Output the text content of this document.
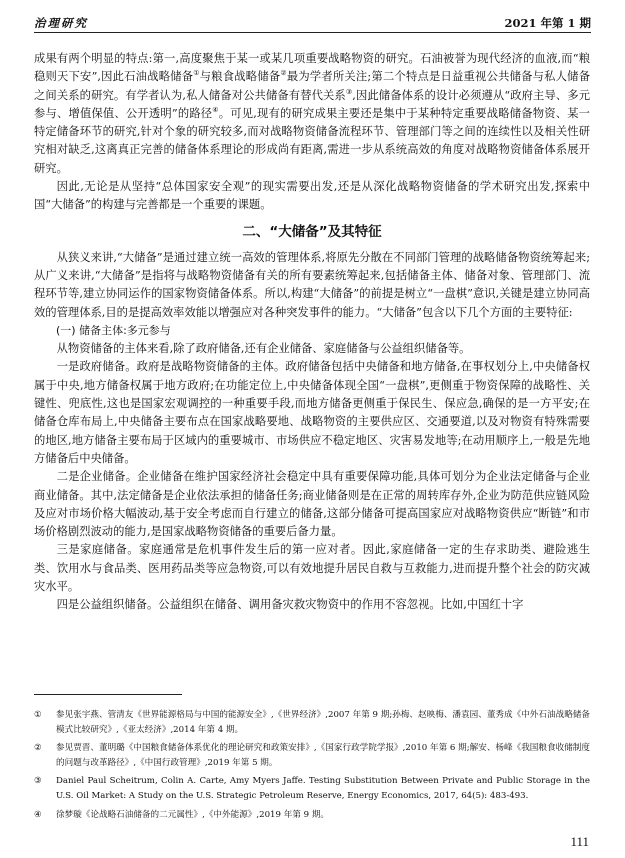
治理研究	2021 年第 1 期

成果有两个明显的特点:第一,高度聚焦于某一或某几项重要战略物资的研究。石油被誉为现代经济的血液,而“粮稳则天下安”,因此石油战略储备①与粮食战略储备②最为学者所关注;第二个特点是日益重视公共储备与私人储备之间关系的研究。有学者认为,私人储备对公共储备有替代关系③,因此储备体系的设计必须遵从“政府主导、多元参与、增值保值、公开透明”的路径④。可见,现有的研究成果主要还是集中于某种特定重要战略储备物资、某一特定储备环节的研究,针对个象的研究较多,而对战略物资储备流程环节、管理部门等之间的连续性以及相关性研究相对缺乏,这离真正完善的储备体系理论的形成尚有距离,需进一步从系统高效的角度对战略物资储备体系展开研究。

因此,无论是从坚持“总体国家安全观”的现实需要出发,还是从深化战略物资储备的学术研究出发,探索中国“大储备”的构建与完善都是一个重要的课题。

二、“大储备”及其特征

从狭义来讲,“大储备”是通过建立统一高效的管理体系,将原先分散在不同部门管理的战略储备物资统筹起来;从广义来讲,“大储备”是指将与战略物资储备有关的所有要素统筹起来,包括储备主体、储备对象、管理部门、流程环节等,建立协同运作的国家物资储备体系。所以,构建“大储备”的前提是树立“一盘棋”意识,关键是建立协同高效的管理体系,目的是提高效率效能以增强应对各种突发事件的能力。“大储备”包含以下几个方面的主要特征:

(一) 储备主体:多元参与

从物资储备的主体来看,除了政府储备,还有企业储备、家庭储备与公益组织储备等。

一是政府储备。政府是战略物资储备的主体。政府储备包括中央储备和地方储备,在事权划分上,中央储备权属于中央,地方储备权属于地方政府;在功能定位上,中央储备体现全国“一盘棋”,更侧重于物资保障的战略性、关键性、兜底性,这也是国家宏观调控的一种重要手段,而地方储备更侧重于保民生、保应急,确保的是一方平安;在储备仓库布局上,中央储备主要布点在国家战略要地、战略物资的主要供应区、交通要道,以及对物资有特殊需要的地区,地方储备主要布局于区域内的重要城市、市场供应不稳定地区、灾害易发地等;在动用顺序上,一般是先地方储备后中央储备。

二是企业储备。企业储备在维护国家经济社会稳定中具有重要保障功能,具体可划分为企业法定储备与企业商业储备。其中,法定储备是企业依法承担的储备任务;商业储备则是在正常的周转库存外,企业为防范供应链风险及应对市场价格大幅波动,基于安全考虑而自行建立的储备,这部分储备可提高国家应对战略物资供应“断链”和市场价格剧烈波动的能力,是国家战略物资储备的重要后备力量。

三是家庭储备。家庭通常是危机事件发生后的第一应对者。因此,家庭储备一定的生存求助类、避险逃生类、饮用水与食品类、医用药品类等应急物资,可以有效地提升居民自救与互救能力,进而提升整个社会的防灾减灾水平。

四是公益组织储备。公益组织在储备、调用备灾救灾物资中的作用不容忽视。比如,中国红十字

① 参见张宇燕、管清友《世界能源格局与中国的能源安全》,《世界经济》,2007 年第 9 期;孙梅、赵映梅、潘袁园、董秀成《中外石油战略储备模式比较研究》,《亚太经济》,2014 年第 4 期。
② 参见贾晋、董明璐《中国粮食储备体系优化的理论研究和政策安排》,《国家行政学院学报》,2010 年第 6 期;解安、杨峰《我国粮食收储制度的问题与改革路径》,《中国行政管理》,2019 年第 5 期。
③ Daniel Paul Scheitrum, Colin A. Carte, Amy Myers Jaffe. Testing Substitution Between Private and Public Storage in the U.S. Oil Market: A Study on the U.S. Strategic Petroleum Reserve, Energy Economics, 2017, 64(5): 483-493.
④ 徐梦璇《论战略石油储备的二元属性》,《中外能源》,2019 年第 9 期。
111
